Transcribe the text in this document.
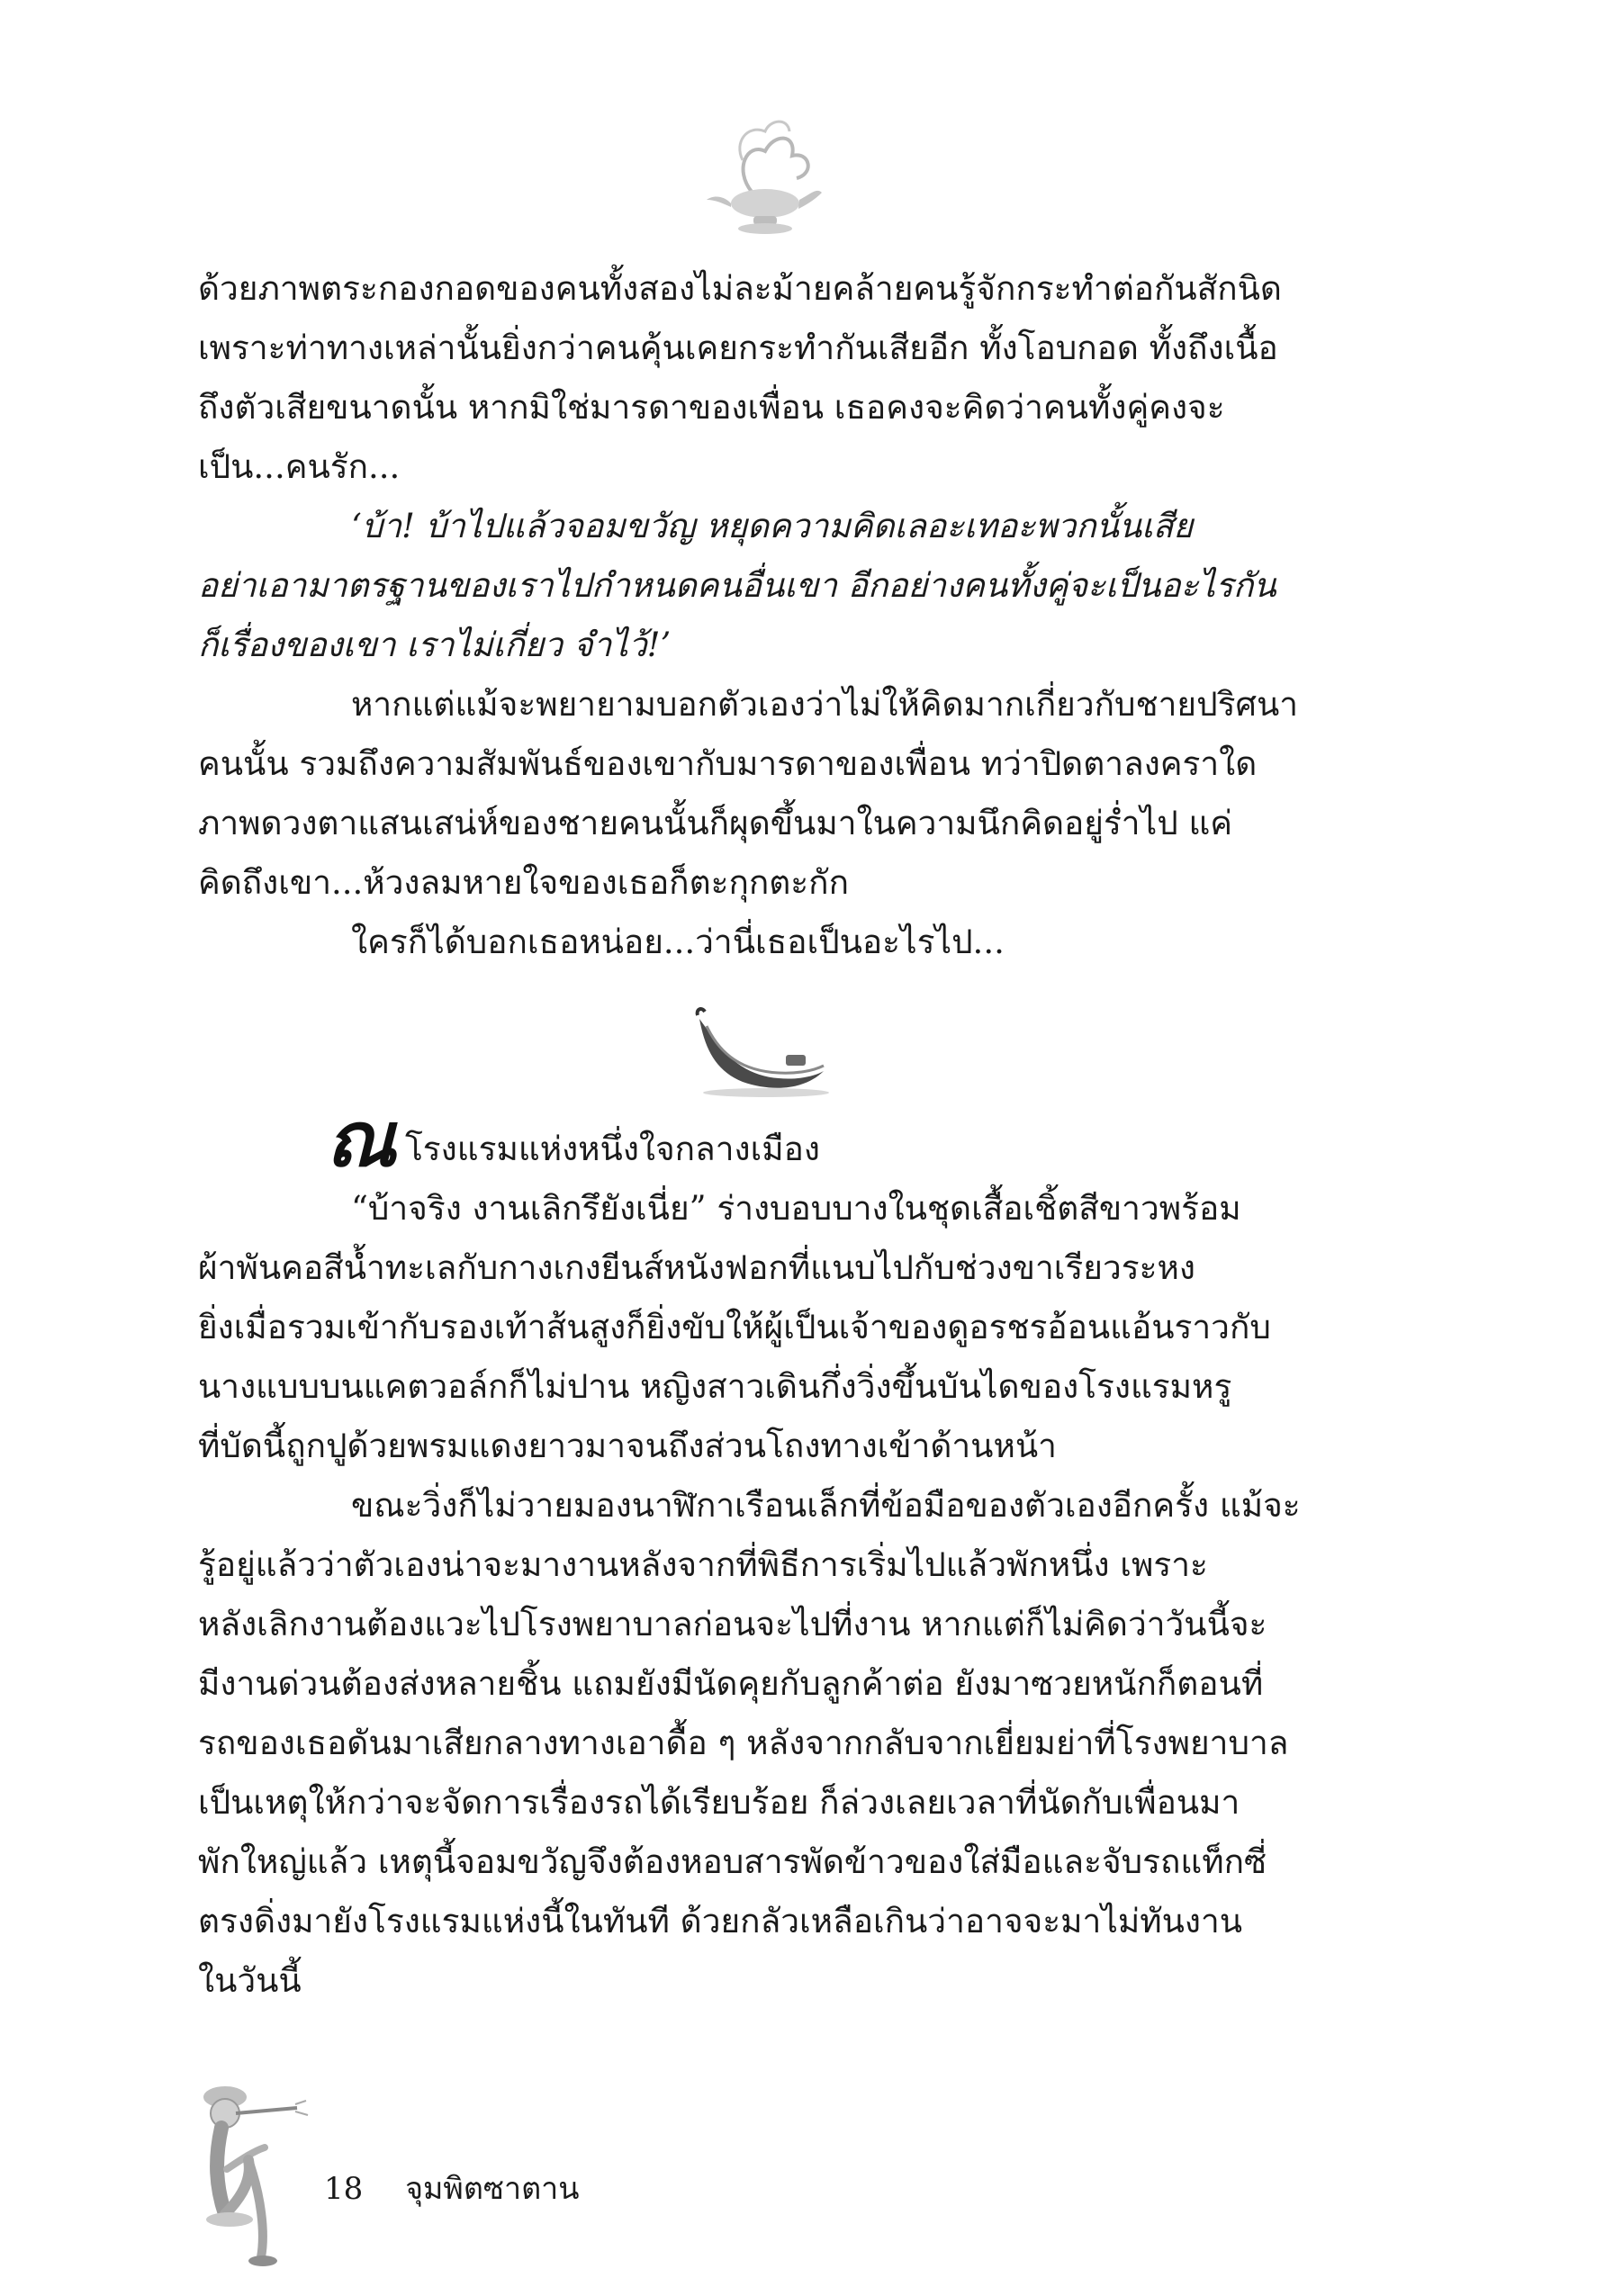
ด้วยภาพตระกองกอดของคนทั้งสองไม่ละม้ายคล้ายคนรู้จักกระทำต่อกันสักนิด

เพราะท่าทางเหล่านั้นยิ่งกว่าคนคุ้นเคยกระทำกันเสียอีก ทั้งโอบกอด ทั้งถึงเนื้อ

ถึงตัวเสียขนาดนั้น หากมิใช่มารดาของเพื่อน เธอคงจะคิดว่าคนทั้งคู่คงจะ

เป็น...คนรัก...

‘บ้า! บ้าไปแล้วจอมขวัญ หยุดความคิดเลอะเทอะพวกนั้นเสีย

อย่าเอามาตรฐานของเราไปกำหนดคนอื่นเขา อีกอย่างคนทั้งคู่จะเป็นอะไรกัน

ก็เรื่องของเขา เราไม่เกี่ยว จำไว้!’

หากแต่แม้จะพยายามบอกตัวเองว่าไม่ให้คิดมากเกี่ยวกับชายปริศนา

คนนั้น รวมถึงความสัมพันธ์ของเขากับมารดาของเพื่อน ทว่าปิดตาลงคราใด

ภาพดวงตาแสนเสน่ห์ของชายคนนั้นก็ผุดขึ้นมาในความนึกคิดอยู่ร่ำไป แค่

คิดถึงเขา...ห้วงลมหายใจของเธอก็ตะกุกตะกัก

ใครก็ได้บอกเธอหน่อย...ว่านี่เธอเป็นอะไรไป...

ณ โรงแรมแห่งหนึ่งใจกลางเมือง

“บ้าจริง งานเลิกรึยังเนี่ย” ร่างบอบบางในชุดเสื้อเชิ้ตสีขาวพร้อม

ผ้าพันคอสีน้ำทะเลกับกางเกงยีนส์หนังฟอกที่แนบไปกับช่วงขาเรียวระหง

ยิ่งเมื่อรวมเข้ากับรองเท้าส้นสูงก็ยิ่งขับให้ผู้เป็นเจ้าของดูอรชรอ้อนแอ้นราวกับ

นางแบบบนแคตวอล์กก็ไม่ปาน หญิงสาวเดินกึ่งวิ่งขึ้นบันไดของโรงแรมหรู

ที่บัดนี้ถูกปูด้วยพรมแดงยาวมาจนถึงส่วนโถงทางเข้าด้านหน้า

ขณะวิ่งก็ไม่วายมองนาฬิกาเรือนเล็กที่ข้อมือของตัวเองอีกครั้ง แม้จะ

รู้อยู่แล้วว่าตัวเองน่าจะมางานหลังจากที่พิธีการเริ่มไปแล้วพักหนึ่ง เพราะ

หลังเลิกงานต้องแวะไปโรงพยาบาลก่อนจะไปที่งาน หากแต่ก็ไม่คิดว่าวันนี้จะ

มีงานด่วนต้องส่งหลายชิ้น แถมยังมีนัดคุยกับลูกค้าต่อ ยังมาซวยหนักก็ตอนที่

รถของเธอดันมาเสียกลางทางเอาดื้อ ๆ หลังจากกลับจากเยี่ยมย่าที่โรงพยาบาล

เป็นเหตุให้กว่าจะจัดการเรื่องรถได้เรียบร้อย ก็ล่วงเลยเวลาที่นัดกับเพื่อนมา

พักใหญ่แล้ว เหตุนี้จอมขวัญจึงต้องหอบสารพัดข้าวของใส่มือและจับรถแท็กซี่

ตรงดิ่งมายังโรงแรมแห่งนี้ในทันที ด้วยกลัวเหลือเกินว่าอาจจะมาไม่ทันงาน

ในวันนี้

18 จุมพิตซาตาน
